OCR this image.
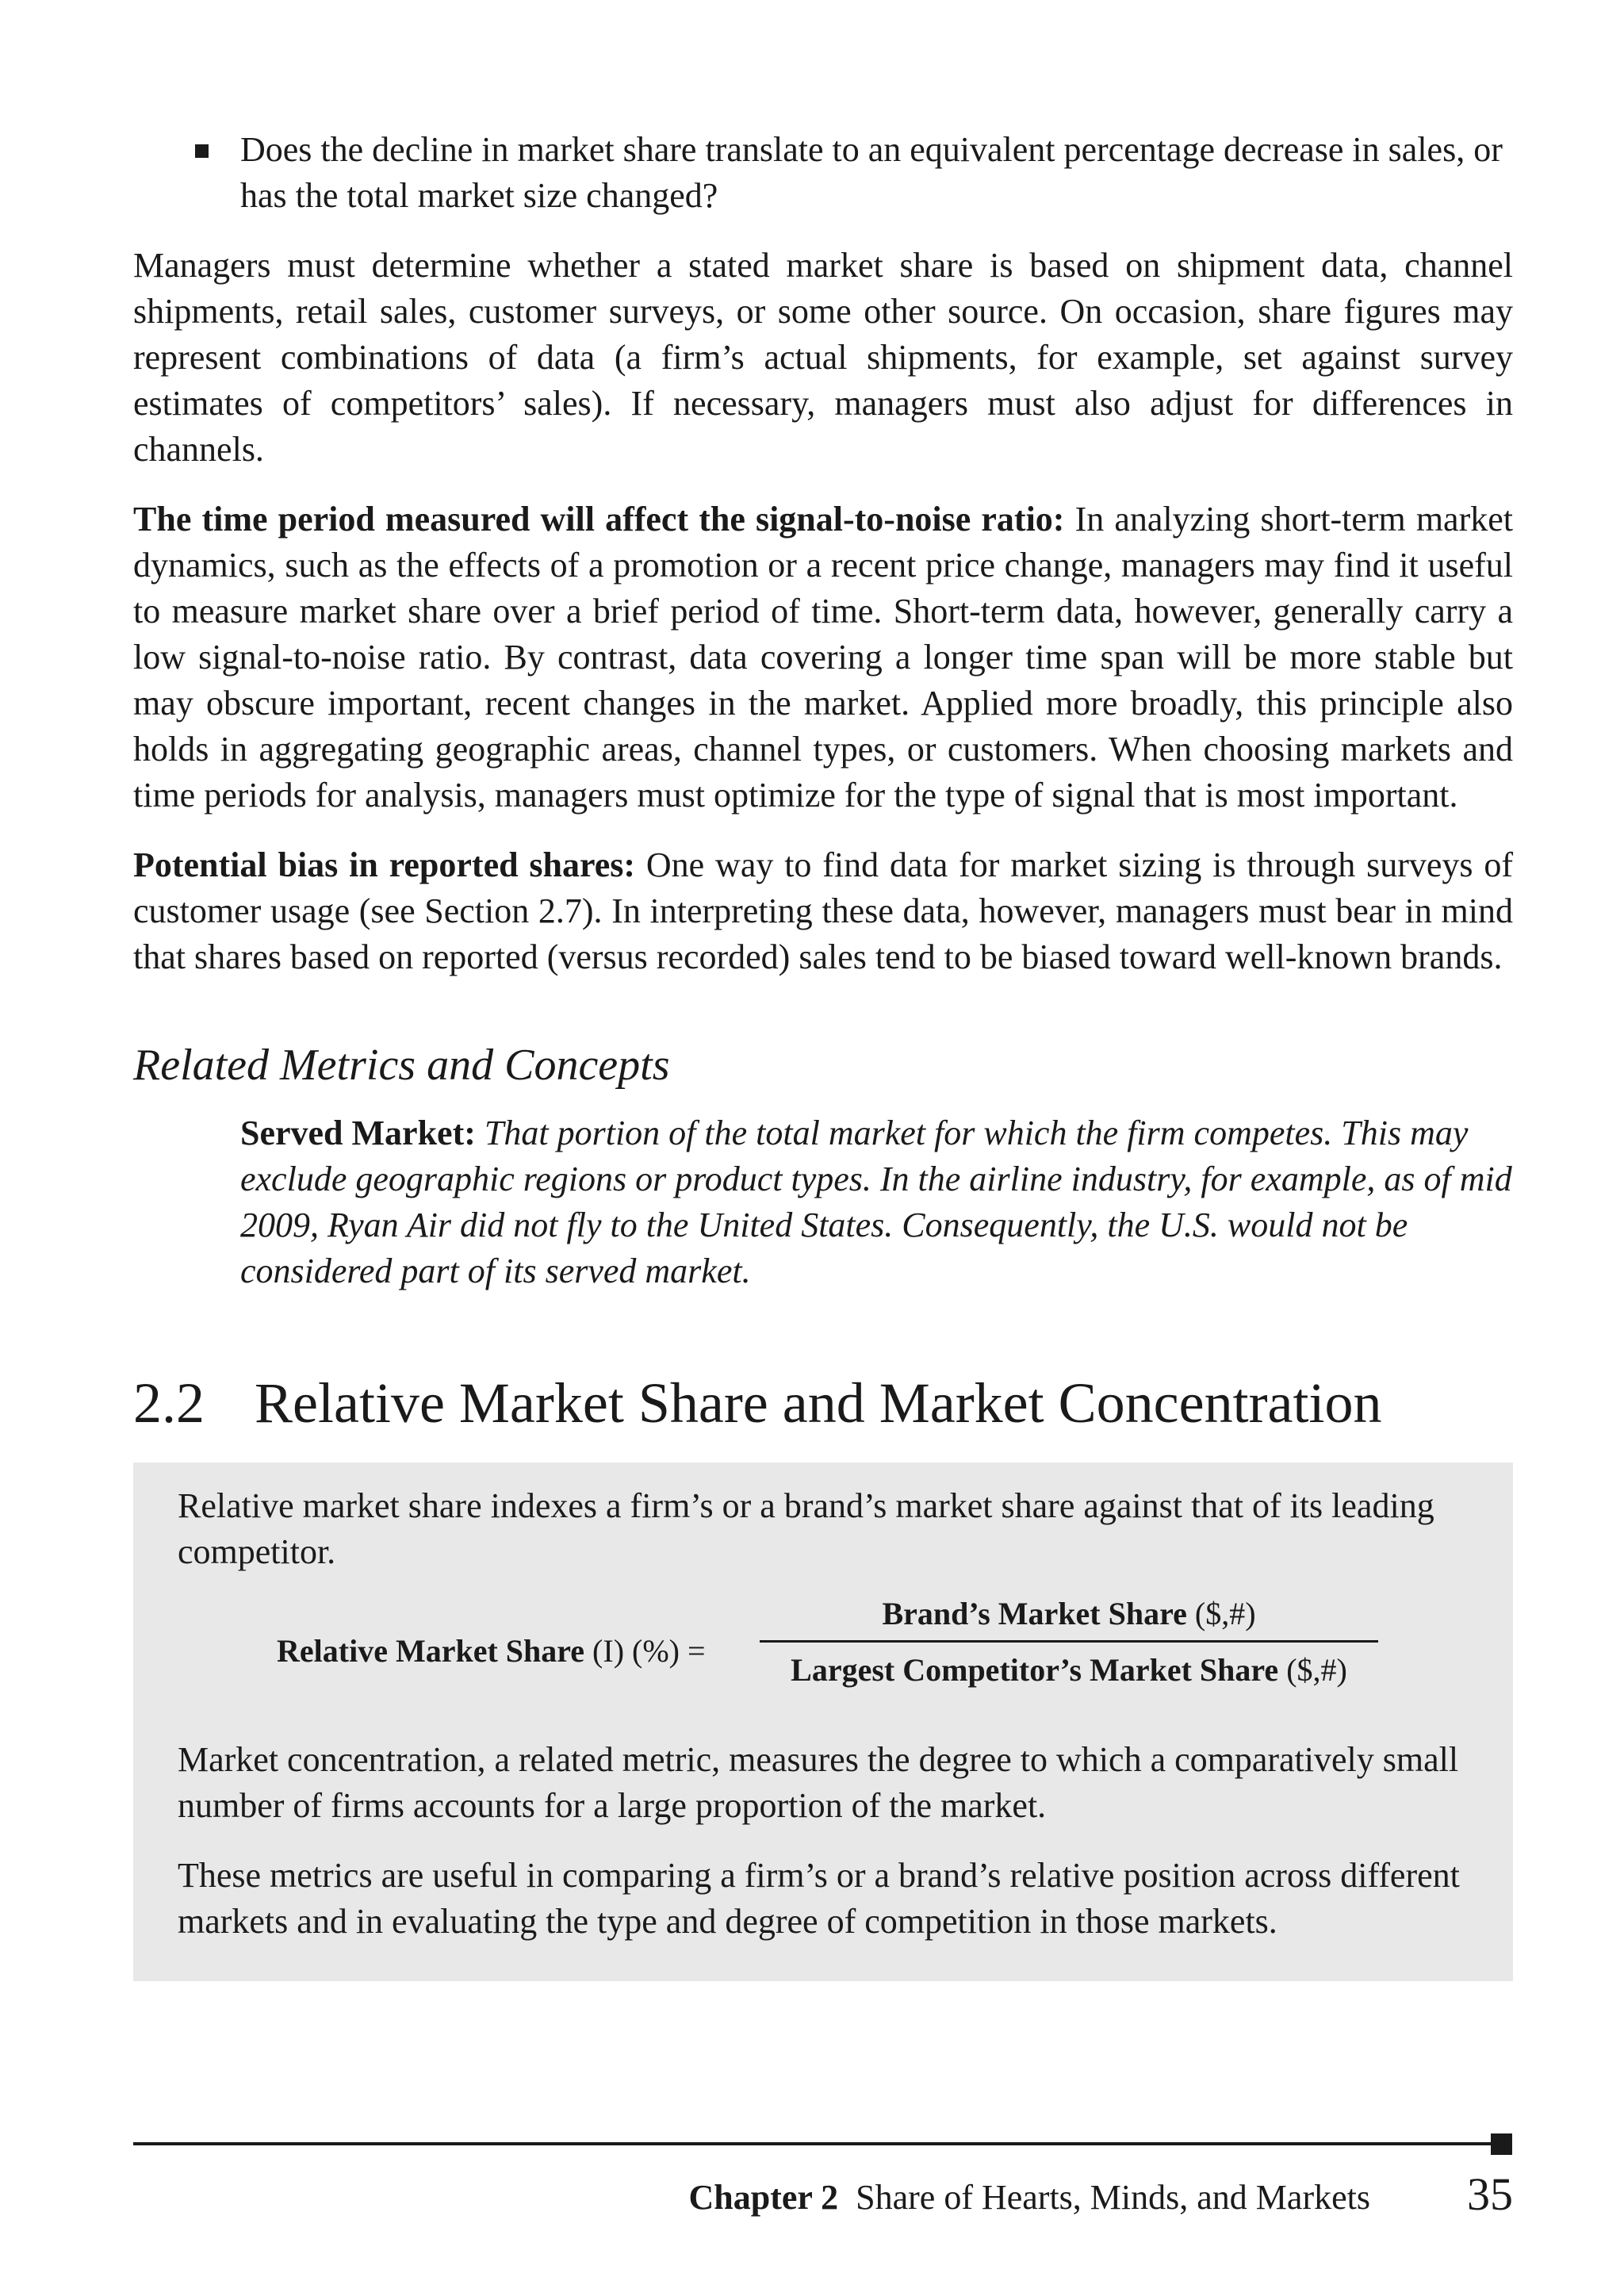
Does the decline in market share translate to an equivalent percentage decrease in sales, or has the total market size changed?

Managers must determine whether a stated market share is based on shipment data, channel shipments, retail sales, customer surveys, or some other source. On occasion, share figures may represent combinations of data (a firm’s actual shipments, for example, set against survey estimates of competitors’ sales). If necessary, managers must also adjust for differences in channels.

The time period measured will affect the signal-to-noise ratio: In analyzing short-term market dynamics, such as the effects of a promotion or a recent price change, managers may find it useful to measure market share over a brief period of time. Short-term data, however, generally carry a low signal-to-noise ratio. By contrast, data covering a longer time span will be more stable but may obscure important, recent changes in the market. Applied more broadly, this principle also holds in aggregating geographic areas, channel types, or customers. When choosing markets and time periods for analysis, managers must optimize for the type of signal that is most important.

Potential bias in reported shares: One way to find data for market sizing is through surveys of customer usage (see Section 2.7). In interpreting these data, however, managers must bear in mind that shares based on reported (versus recorded) sales tend to be biased toward well-known brands.

Related Metrics and Concepts

Served Market: That portion of the total market for which the firm competes. This may exclude geographic regions or product types. In the airline industry, for example, as of mid 2009, Ryan Air did not fly to the United States. Consequently, the U.S. would not be considered part of its served market.

2.2 Relative Market Share and Market Concentration

Relative market share indexes a firm’s or a brand’s market share against that of its leading competitor.

Relative Market Share (I) (%) =
Brand’s Market Share ($,#)
Largest Competitor’s Market Share ($,#)

Market concentration, a related metric, measures the degree to which a comparatively small number of firms accounts for a large proportion of the market.

These metrics are useful in comparing a firm’s or a brand’s relative position across different markets and in evaluating the type and degree of competition in those markets.

Chapter 2 Share of Hearts, Minds, and Markets 35
